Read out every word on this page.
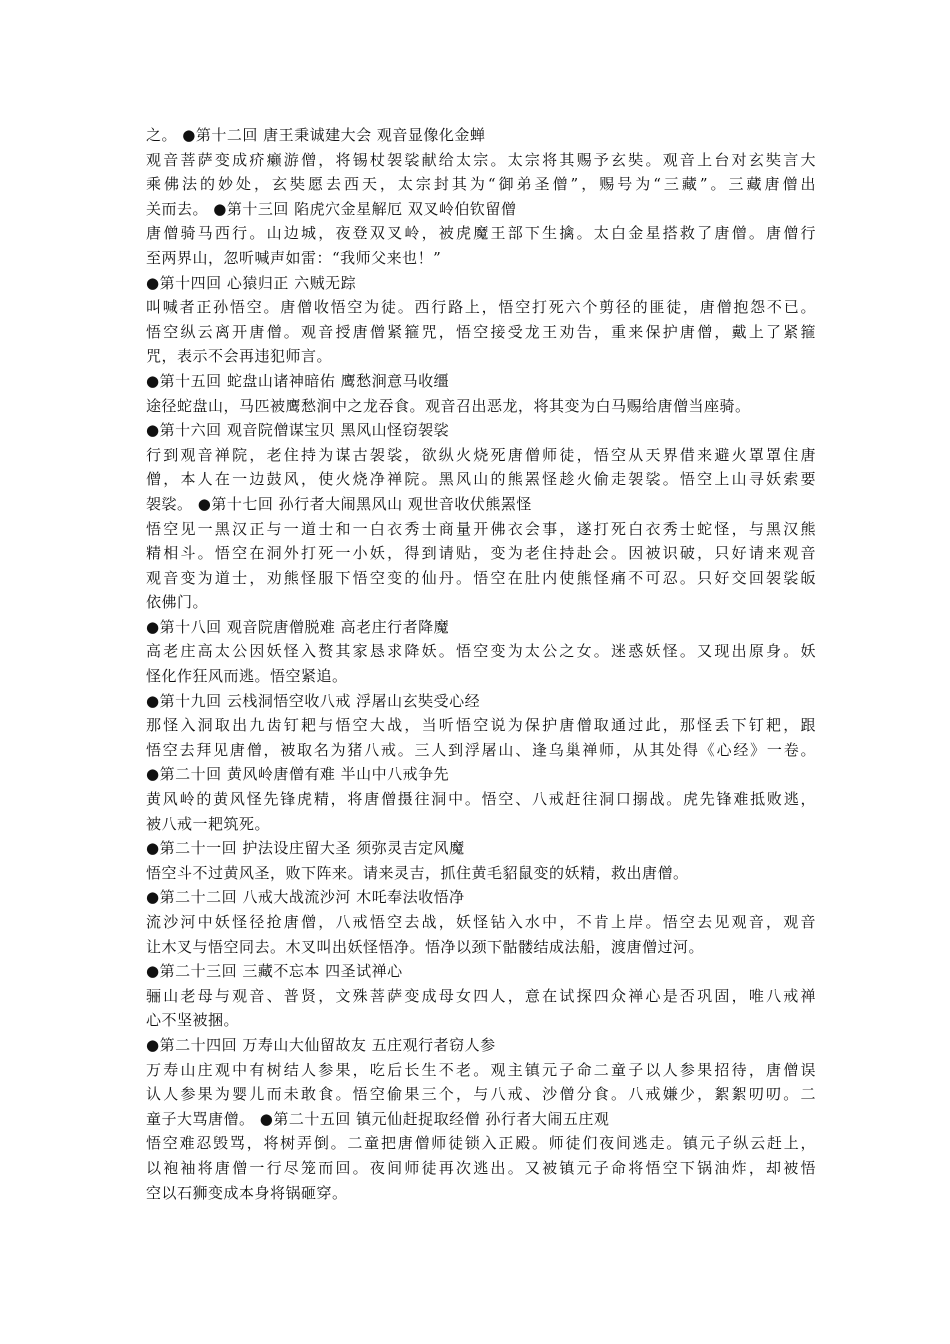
之。 ●第十二回 唐王秉诚建大会 观音显像化金蝉
观音菩萨变成疥癞游僧，将锡杖袈裟献给太宗。太宗将其赐予玄奘。观音上台对玄奘言大
乘佛法的妙处，玄奘愿去西天，太宗封其为“御弟圣僧”，赐号为“三藏”。三藏唐僧出
关而去。 ●第十三回 陷虎穴金星解厄 双叉岭伯钦留僧
唐僧骑马西行。山边城，夜登双叉岭，被虎魔王部下生擒。太白金星搭救了唐僧。唐僧行
至两界山，忽听喊声如雷：“我师父来也！”
●第十四回 心猿归正 六贼无踪
叫喊者正孙悟空。唐僧收悟空为徒。西行路上，悟空打死六个剪径的匪徒，唐僧抱怨不已。
悟空纵云离开唐僧。观音授唐僧紧箍咒，悟空接受龙王劝告，重来保护唐僧，戴上了紧箍
咒，表示不会再违犯师言。
●第十五回 蛇盘山诸神暗佑 鹰愁涧意马收缰
途径蛇盘山，马匹被鹰愁涧中之龙吞食。观音召出恶龙，将其变为白马赐给唐僧当座骑。
●第十六回 观音院僧谋宝贝 黑风山怪窃袈裟
行到观音禅院，老住持为谋古袈裟，欲纵火烧死唐僧师徒，悟空从天界借来避火罩罩住唐
僧，本人在一边鼓风，使火烧净禅院。黑风山的熊罴怪趁火偷走袈裟。悟空上山寻妖索要
袈裟。 ●第十七回 孙行者大闹黑风山 观世音收伏熊罴怪
悟空见一黑汉正与一道士和一白衣秀士商量开佛衣会事，遂打死白衣秀士蛇怪，与黑汉熊
精相斗。悟空在洞外打死一小妖，得到请贴，变为老住持赴会。因被识破，只好请来观音
观音变为道士，劝熊怪服下悟空变的仙丹。悟空在肚内使熊怪痛不可忍。只好交回袈裟皈
依佛门。
●第十八回 观音院唐僧脱难 高老庄行者降魔
高老庄高太公因妖怪入赘其家恳求降妖。悟空变为太公之女。迷惑妖怪。又现出原身。妖
怪化作狂风而逃。悟空紧追。
●第十九回 云栈洞悟空收八戒 浮屠山玄奘受心经
那怪入洞取出九齿钉耙与悟空大战，当听悟空说为保护唐僧取通过此，那怪丢下钉耙，跟
悟空去拜见唐僧，被取名为猪八戒。三人到浮屠山、逢乌巢禅师，从其处得《心经》一卷。
●第二十回 黄风岭唐僧有难 半山中八戒争先
黄风岭的黄风怪先锋虎精，将唐僧摄往洞中。悟空、八戒赶往洞口搦战。虎先锋难抵败逃，
被八戒一耙筑死。
●第二十一回 护法设庄留大圣 须弥灵吉定风魔
悟空斗不过黄风圣，败下阵来。请来灵吉，抓住黄毛貂鼠变的妖精，救出唐僧。
●第二十二回 八戒大战流沙河 木吒奉法收悟净
流沙河中妖怪径抢唐僧，八戒悟空去战，妖怪钻入水中，不肯上岸。悟空去见观音，观音
让木叉与悟空同去。木叉叫出妖怪悟净。悟净以颈下骷髅结成法船，渡唐僧过河。
●第二十三回 三藏不忘本 四圣试禅心
骊山老母与观音、普贤，文殊菩萨变成母女四人，意在试探四众禅心是否巩固，唯八戒禅
心不坚被捆。
●第二十四回 万寿山大仙留故友 五庄观行者窃人参
万寿山庄观中有树结人参果，吃后长生不老。观主镇元子命二童子以人参果招待，唐僧误
认人参果为婴儿而未敢食。悟空偷果三个，与八戒、沙僧分食。八戒嫌少，絮絮叨叨。二
童子大骂唐僧。 ●第二十五回 镇元仙赶捉取经僧 孙行者大闹五庄观
悟空难忍毁骂，将树弄倒。二童把唐僧师徒锁入正殿。师徒们夜间逃走。镇元子纵云赶上，
以袍袖将唐僧一行尽笼而回。夜间师徒再次逃出。又被镇元子命将悟空下锅油炸，却被悟
空以石狮变成本身将锅砸穿。
